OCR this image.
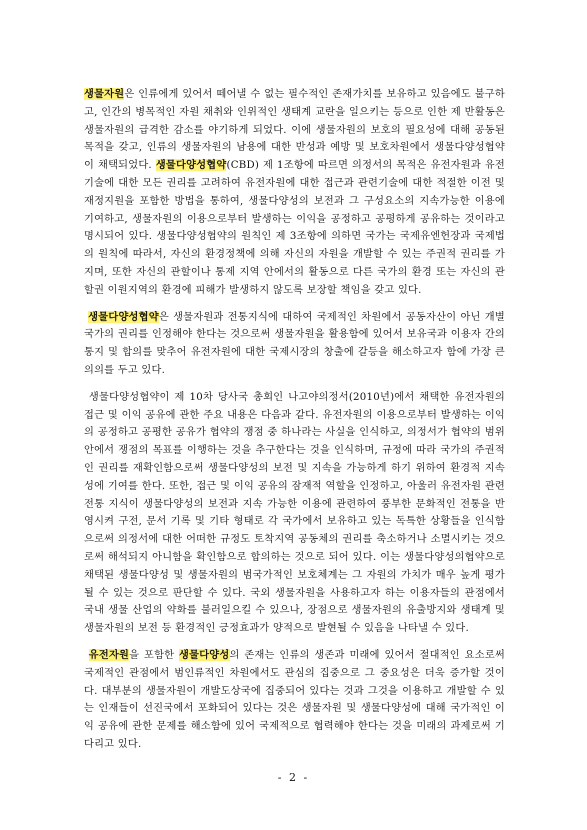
생물자원은 인류에게 있어서 떼어낼 수 없는 필수적인 존재가치를 보유하고 있음에도 불구하고, 인간의 병목적인 자원 채취와 인위적인 생태계 교란을 일으키는 등으로 인한 제 반활동은 생물자원의 급격한 감소를 야기하게 되었다. 이에 생물자원의 보호의 필요성에 대해 공동된 목적을 갖고, 인류의 생물자원의 남용에 대한 반성과 예방 및 보호차원에서 생물다양성협약이 채택되었다. 생물다양성협약(CBD) 제 1조항에 따르면 의정서의 목적은 유전자원과 유전기술에 대한 모든 권리를 고려하여 유전자원에 대한 접근과 관련기술에 대한 적절한 이전 및 재정지원을 포함한 방법을 통하여, 생물다양성의 보전과 그 구성요소의 지속가능한 이용에 기여하고, 생물자원의 이용으로부터 발생하는 이익을 공정하고 공평하게 공유하는 것이라고 명시되어 있다. 생물다양성협약의 원칙인 제 3조항에 의하면 국가는 국제유엔헌장과 국제법의 원칙에 따라서, 자신의 환경정책에 의해 자신의 자원을 개발할 수 있는 주권적 권리를 가지며, 또한 자신의 관할이나 통제 지역 안에서의 활동으로 다른 국가의 환경 또는 자신의 관할권 이원지역의 환경에 피해가 발생하지 않도록 보장할 책임을 갖고 있다.

생물다양성협약은 생물자원과 전통지식에 대하여 국제적인 차원에서 공동자산이 아닌 개별 국가의 권리를 인정해야 한다는 것으로써 생물자원을 활용함에 있어서 보유국과 이용자 간의 통지 및 합의를 맞추어 유전자원에 대한 국제시장의 창출에 갈등을 해소하고자 함에 가장 큰 의의를 두고 있다.

생물다양성협약이 제 10차 당사국 총회인 나고야의정서(2010년)에서 채택한 유전자원의 접근 및 이익 공유에 관한 주요 내용은 다음과 같다. 유전자원의 이용으로부터 발생하는 이익의 공정하고 공평한 공유가 협약의 쟁점 중 하나라는 사실을 인식하고, 의정서가 협약의 범위 안에서 쟁점의 목표를 이행하는 것을 추구한다는 것을 인식하며, 규정에 따라 국가의 주권적인 권리를 재확인함으로써 생물다양성의 보전 및 지속을 가능하게 하기 위하여 환경적 지속성에 기여를 한다. 또한, 접근 및 이익 공유의 잠재적 역할을 인정하고, 아울러 유전자원 관련 전통 지식이 생물다양성의 보전과 지속 가능한 이용에 관련하여 풍부한 문화적인 전통을 반영시켜 구전, 문서 기록 및 기타 형태로 각 국가에서 보유하고 있는 독특한 상황들을 인식함으로써 의정서에 대한 어떠한 규정도 토착지역 공동체의 권리를 축소하거나 소멸시키는 것으로써 해석되지 아니함을 확인함으로 합의하는 것으로 되어 있다. 이는 생물다양성의협약으로 채택된 생물다양성 및 생물자원의 범국가적인 보호체계는 그 자원의 가치가 매우 높게 평가될 수 있는 것으로 판단할 수 있다. 국외 생물자원을 사용하고자 하는 이용자들의 관점에서 국내 생물 산업의 약화를 불러일으킬 수 있으나, 장점으로 생물자원의 유출방지와 생태계 및 생물자원의 보전 등 환경적인 긍정효과가 양적으로 발현될 수 있음을 나타낼 수 있다.

유전자원을 포함한 생물다양성의 존재는 인류의 생존과 미래에 있어서 절대적인 요소로써 국제적인 관점에서 범인류적인 차원에서도 관심의 집중으로 그 중요성은 더욱 증가할 것이다. 대부분의 생물자원이 개발도상국에 집중되어 있다는 것과 그것을 이용하고 개발할 수 있는 인재들이 선진국에서 포화되어 있다는 것은 생물자원 및 생물다양성에 대해 국가적인 이익 공유에 관한 문제를 해소함에 있어 국제적으로 협력해야 한다는 것을 미래의 과제로써 기다리고 있다.

- 2 -
